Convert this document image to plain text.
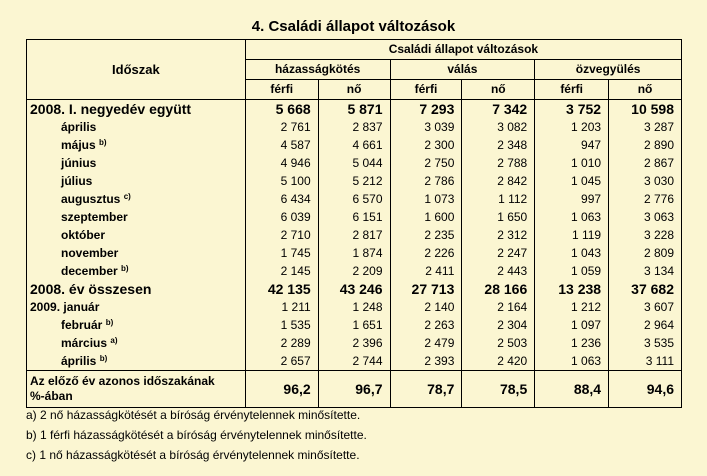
4. Családi állapot változások
Időszak	Családi állapot változások					
	házasságkötés		válás		özvegyülés	
	férfi	nő	férfi	nő	férfi	nő
2008. I. negyedév együtt	5 668	5 871	7 293	7 342	3 752	10 598
április	2 761	2 837	3 039	3 082	1 203	3 287
május $^{b)}$	4 587	4 661	2 300	2 348	947	2 890
június	4 946	5 044	2 750	2 788	1 010	2 867
július	5 100	5 212	2 786	2 842	1 045	3 030
augusztus $^{c)}$	6 434	6 570	1 073	1 112	997	2 776
szeptember	6 039	6 151	1 600	1 650	1 063	3 063
október	2 710	2 817	2 235	2 312	1 119	3 228
november	1 745	1 874	2 226	2 247	1 043	2 809
december $^{b)}$	2 145	2 209	2 411	2 443	1 059	3 134
2008. év összesen	42 135	43 246	27 713	28 166	13 238	37 682
2009. január	1 211	1 248	2 140	2 164	1 212	3 607
február $^{b)}$	1 535	1 651	2 263	2 304	1 097	2 964
március $^{a)}$	2 289	2 396	2 479	2 503	1 236	3 535
április $^{b)}$	2 657	2 744	2 393	2 420	1 063	3 111

Az előző év azonos időszakának
%-ában	96,2	96,7	78,7	78,5	88,4	94,6
a) 2 nő házasságkötését a bíróság érvénytelennek minősítette.
b) 1 férfi házasságkötését a bíróság érvénytelennek minősítette.
c) 1 nő házasságkötését a bíróság érvénytelennek minősítette.
